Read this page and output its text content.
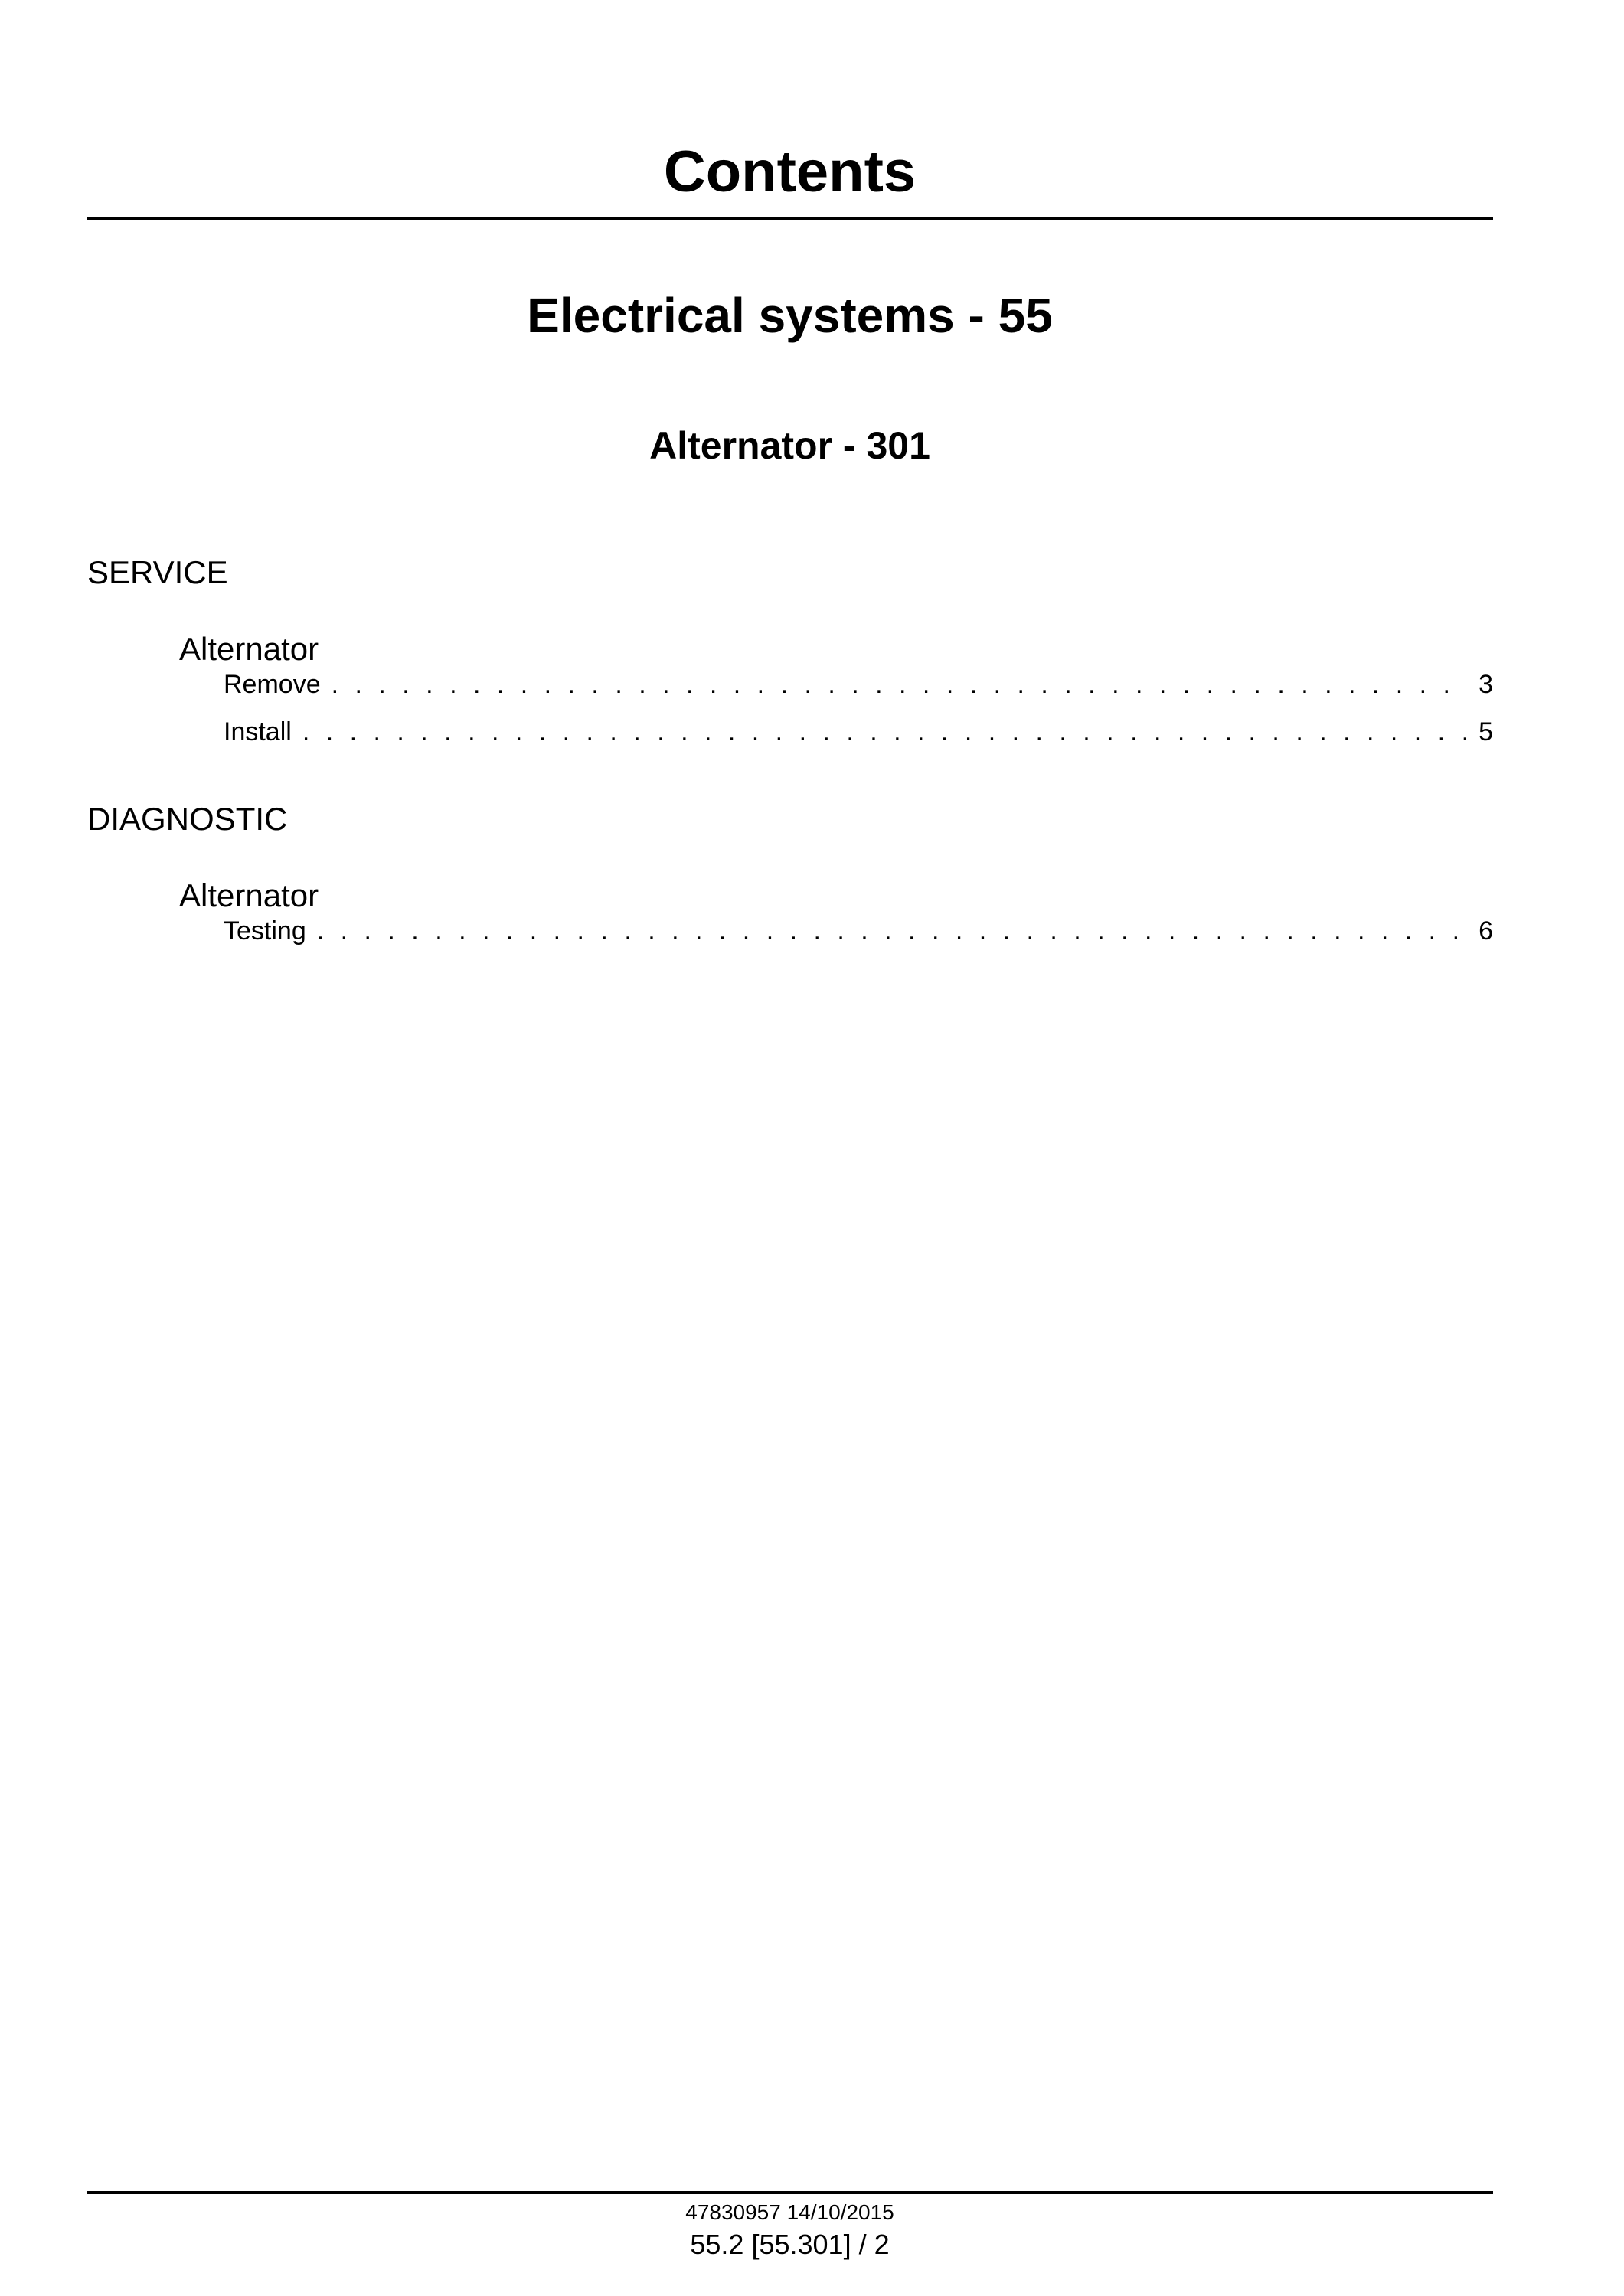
Contents
Electrical systems - 55
Alternator - 301
SERVICE
Alternator
Remove . . .	3
Install . . .	5
DIAGNOSTIC
Alternator
Testing . . .	6
47830957 14/10/2015
55.2 [55.301] / 2
